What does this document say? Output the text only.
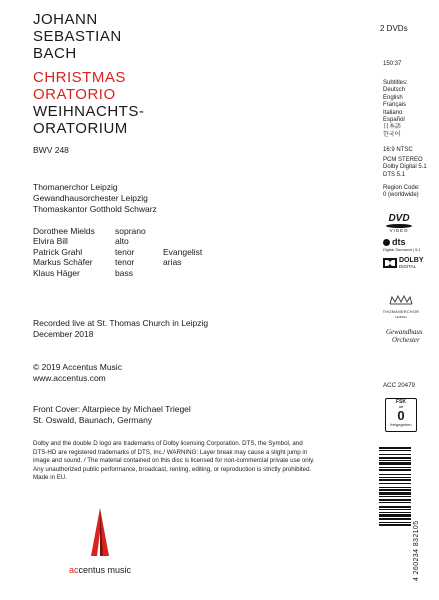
JOHANN
SEBASTIAN
BACH
CHRISTMAS
ORATORIO
WEIHNACHTS-
ORATORIUM
BWV 248
Thomanerchor Leipzig
Gewandhausorchester Leipzig
Thomaskantor Gotthold Schwarz
Dorothee Mields	soprano
Elvira Bill	alto
Patrick Grahl	tenor	Evangelist
Markus Schäfer	tenor	arias
Klaus Häger	bass
Recorded live at St. Thomas Church in Leipzig
December 2018
© 2019 Accentus Music
www.accentus.com
Front Cover: Altarpiece by Michael Triegel
St. Oswald, Baunach, Germany
Dolby and the double D logo are trademarks of Dolby licensing Corporation. DTS, the Symbol, and
DTS-HD are registered trademarks of DTS, Inc./ WARNING: Layer break may cause a slight jump in
image and sound. / The material contained on this disc is licensed for non-commercial private use only.
Any unauthorized public performance, broadcast, renting, editing, or reproduction is strictly prohibited.
Made in EU.
accentus music
2 DVDs
150:37
Subtitles:
Deutsch
English
Français
Italiano
Español
日本語
한국어
16:9 NTSC
PCM STEREO
Dolby Digital 5.1
DTS 5.1
Region Code:
0 (worldwide)
DVD
VIDEO
dts
Digital Surround | 5.1
DOLBY
DIGITAL
THOMANERCHOR
LEIPZIG
Gewandhaus
Orchester
ACC 20479
FSK
ab
0
freigegeben
4 260234 832105
